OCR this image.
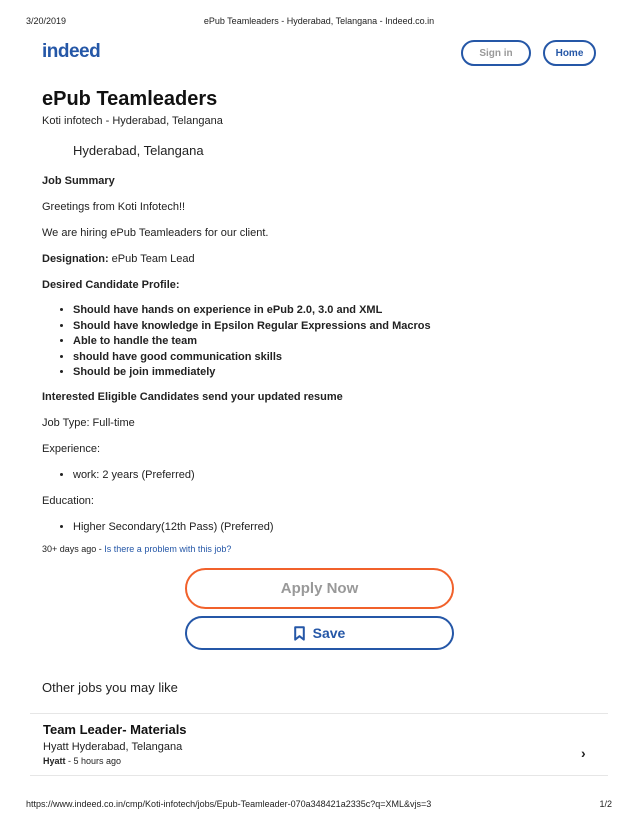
3/20/2019	ePub Teamleaders - Hyderabad, Telangana - Indeed.co.in
indeed	Sign in	Home
ePub Teamleaders
Koti infotech - Hyderabad, Telangana
Hyderabad, Telangana

Job Summary

Greetings from Koti Infotech!!

We are hiring ePub Teamleaders for our client.

Designation: ePub Team Lead

Desired Candidate Profile:

• Should have hands on experience in ePub 2.0, 3.0 and XML
• Should have knowledge in Epsilon Regular Expressions and Macros
• Able to handle the team
• should have good communication skills
• Should be join immediately

Interested Eligible Candidates send your updated resume

Job Type: Full-time

Experience:

• work: 2 years (Preferred)

Education:

• Higher Secondary(12th Pass) (Preferred)
30+ days ago - Is there a problem with this job?
Apply Now
Save
Other jobs you may like
Team Leader- Materials
Hyatt Hyderabad, Telangana
Hyatt - 5 hours ago	›
https://www.indeed.co.in/cmp/Koti-infotech/jobs/Epub-Teamleader-070a348421a2335c?q=XML&vjs=3	1/2
